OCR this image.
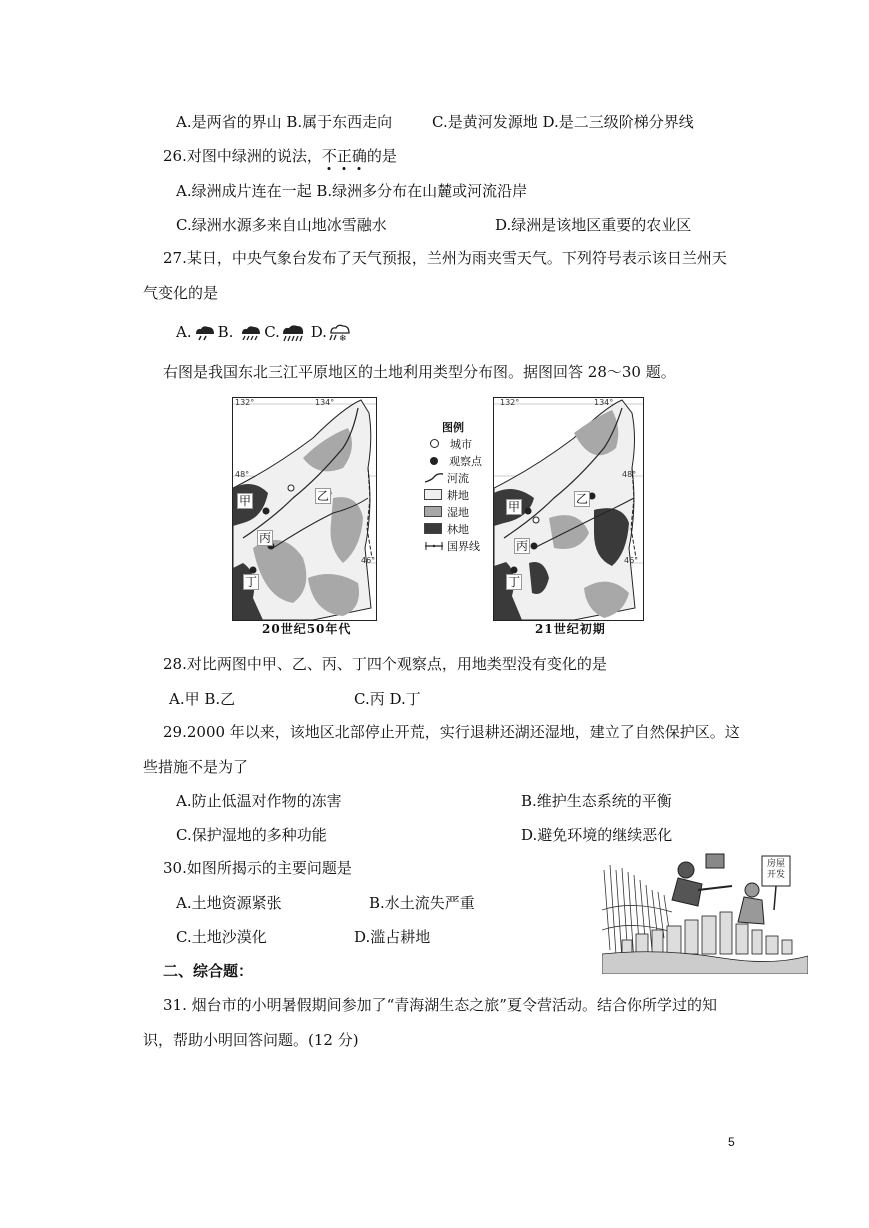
A.是两省的界山 B.属于东西走向	C.是黄河发源地 D.是二三级阶梯分界线
26.对图中绿洲的说法，不正确的是
A.绿洲成片连在一起 B.绿洲多分布在山麓或河流沿岸
C.绿洲水源多来自山地冰雪融水	D.绿洲是该地区重要的农业区
27.某日，中央气象台发布了天气预报，兰州为雨夹雪天气。下列符号表示该日兰州天
气变化的是
A. B. C. D. ❄
右图是我国东北三江平原地区的土地利用类型分布图。据图回答 28～30 题。
132°	134°
48°
46°
甲	乙
丙
丁
20世纪50年代
图例
城市
观察点
河流
耕地
湿地
林地
国界线
132°	134°
48°
46°
甲
乙
丙
丁
21世纪初期
28.对比两图中甲、乙、丙、丁四个观察点，用地类型没有变化的是
A.甲 B.乙	C.丙 D.丁
29.2000 年以来，该地区北部停止开荒，实行退耕还湖还湿地，建立了自然保护区。这
些措施不是为了
A.防止低温对作物的冻害	B.维护生态系统的平衡
C.保护湿地的多种功能	D.避免环境的继续恶化
30.如图所揭示的主要问题是
A.土地资源紧张	B.水土流失严重
C.土地沙漠化	D.滥占耕地
房屋开发
二、综合题：
31. 烟台市的小明暑假期间参加了“青海湖生态之旅”夏令营活动。结合你所学过的知
识，帮助小明回答问题。(12 分)
5
